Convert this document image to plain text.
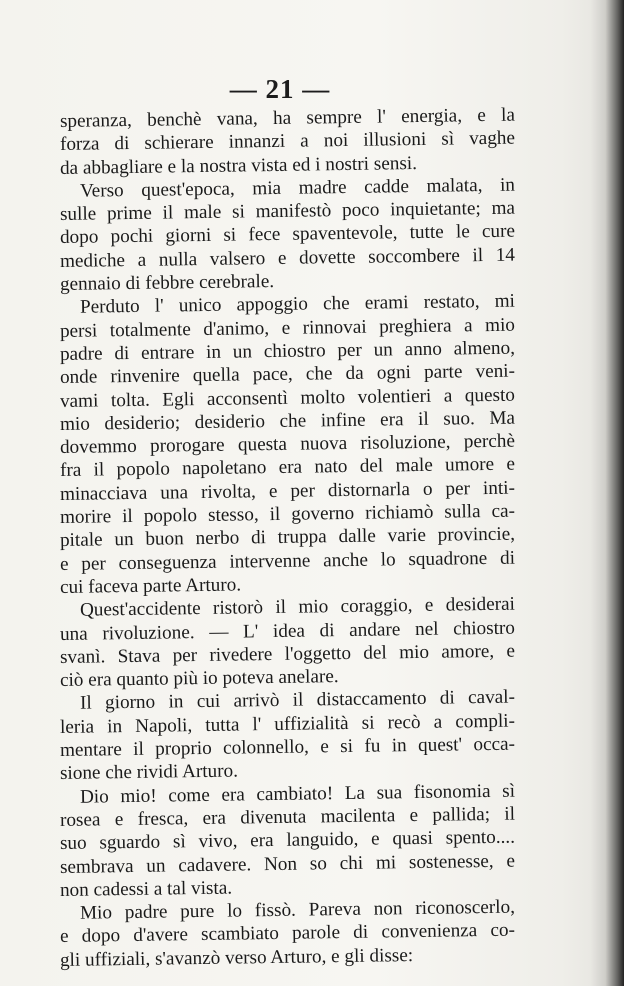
— 21 —
speranza, benchè vana, ha sempre l' energia, e la
forza di schierare innanzi a noi illusioni sì vaghe
da abbagliare e la nostra vista ed i nostri sensi.
Verso quest'epoca, mia madre cadde malata, in
sulle prime il male si manifestò poco inquietante; ma
dopo pochi giorni si fece spaventevole, tutte le cure
mediche a nulla valsero e dovette soccombere il 14
gennaio di febbre cerebrale.
Perduto l' unico appoggio che erami restato, mi
persi totalmente d'animo, e rinnovai preghiera a mio
padre di entrare in un chiostro per un anno almeno,
onde rinvenire quella pace, che da ogni parte veni-
vami tolta. Egli acconsentì molto volentieri a questo
mio desiderio; desiderio che infine era il suo. Ma
dovemmo prorogare questa nuova risoluzione, perchè
fra il popolo napoletano era nato del male umore e
minacciava una rivolta, e per distornarla o per inti-
morire il popolo stesso, il governo richiamò sulla ca-
pitale un buon nerbo di truppa dalle varie provincie,
e per conseguenza intervenne anche lo squadrone di
cui faceva parte Arturo.
Quest'accidente ristorò il mio coraggio, e desiderai
una rivoluzione. — L' idea di andare nel chiostro
svanì. Stava per rivedere l'oggetto del mio amore, e
ciò era quanto più io poteva anelare.
Il giorno in cui arrivò il distaccamento di caval-
leria in Napoli, tutta l' uffizialità si recò a compli-
mentare il proprio colonnello, e si fu in quest' occa-
sione che rividi Arturo.
Dio mio! come era cambiato! La sua fisonomia sì
rosea e fresca, era divenuta macilenta e pallida; il
suo sguardo sì vivo, era languido, e quasi spento....
sembrava un cadavere. Non so chi mi sostenesse, e
non cadessi a tal vista.
Mio padre pure lo fissò. Pareva non riconoscerlo,
e dopo d'avere scambiato parole di convenienza co-
gli uffiziali, s'avanzò verso Arturo, e gli disse:
